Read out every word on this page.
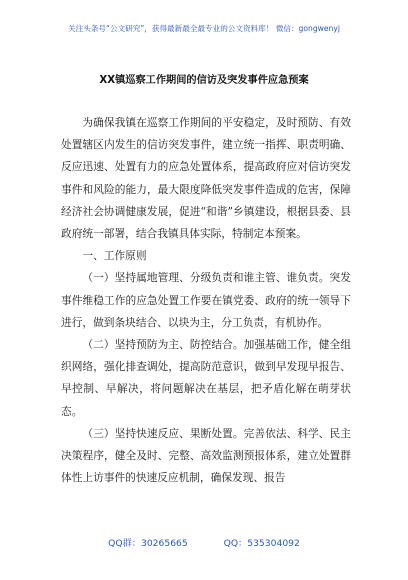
关注头条号“公文研究”，获得最新最全最专业的公文资料库！ 微信：gongwenyj
XX镇巡察工作期间的信访及突发事件应急预案

为确保我镇在巡察工作期间的平安稳定，及时预防、有效处置辖区内发生的信访突发事件，建立统一指挥、职责明确、反应迅速、处置有力的应急处置体系，提高政府应对信访突发事件和风险的能力，最大限度降低突发事件造成的危害，保障经济社会协调健康发展，促进“和谐”乡镇建设，根据县委、县政府统一部署，结合我镇具体实际，特制定本预案。

一、工作原则

（一）坚持属地管理、分级负责和谁主管、谁负责。突发事件维稳工作的应急处置工作要在镇党委、政府的统一领导下进行，做到条块结合、以块为主，分工负责，有机协作。

（二）坚持预防为主、防控结合。加强基础工作，健全组织网络，强化排查调处，提高防范意识，做到早发现早报告、早控制、早解决，将问题解决在基层，把矛盾化解在萌芽状态。

（三）坚持快速反应、果断处置。完善依法、科学、民主决策程序，健全及时、完整、高效监测预报体系，建立处置群体性上访事件的快速反应机制，确保发现、报告

QQ群：30265665	QQ：535304092
